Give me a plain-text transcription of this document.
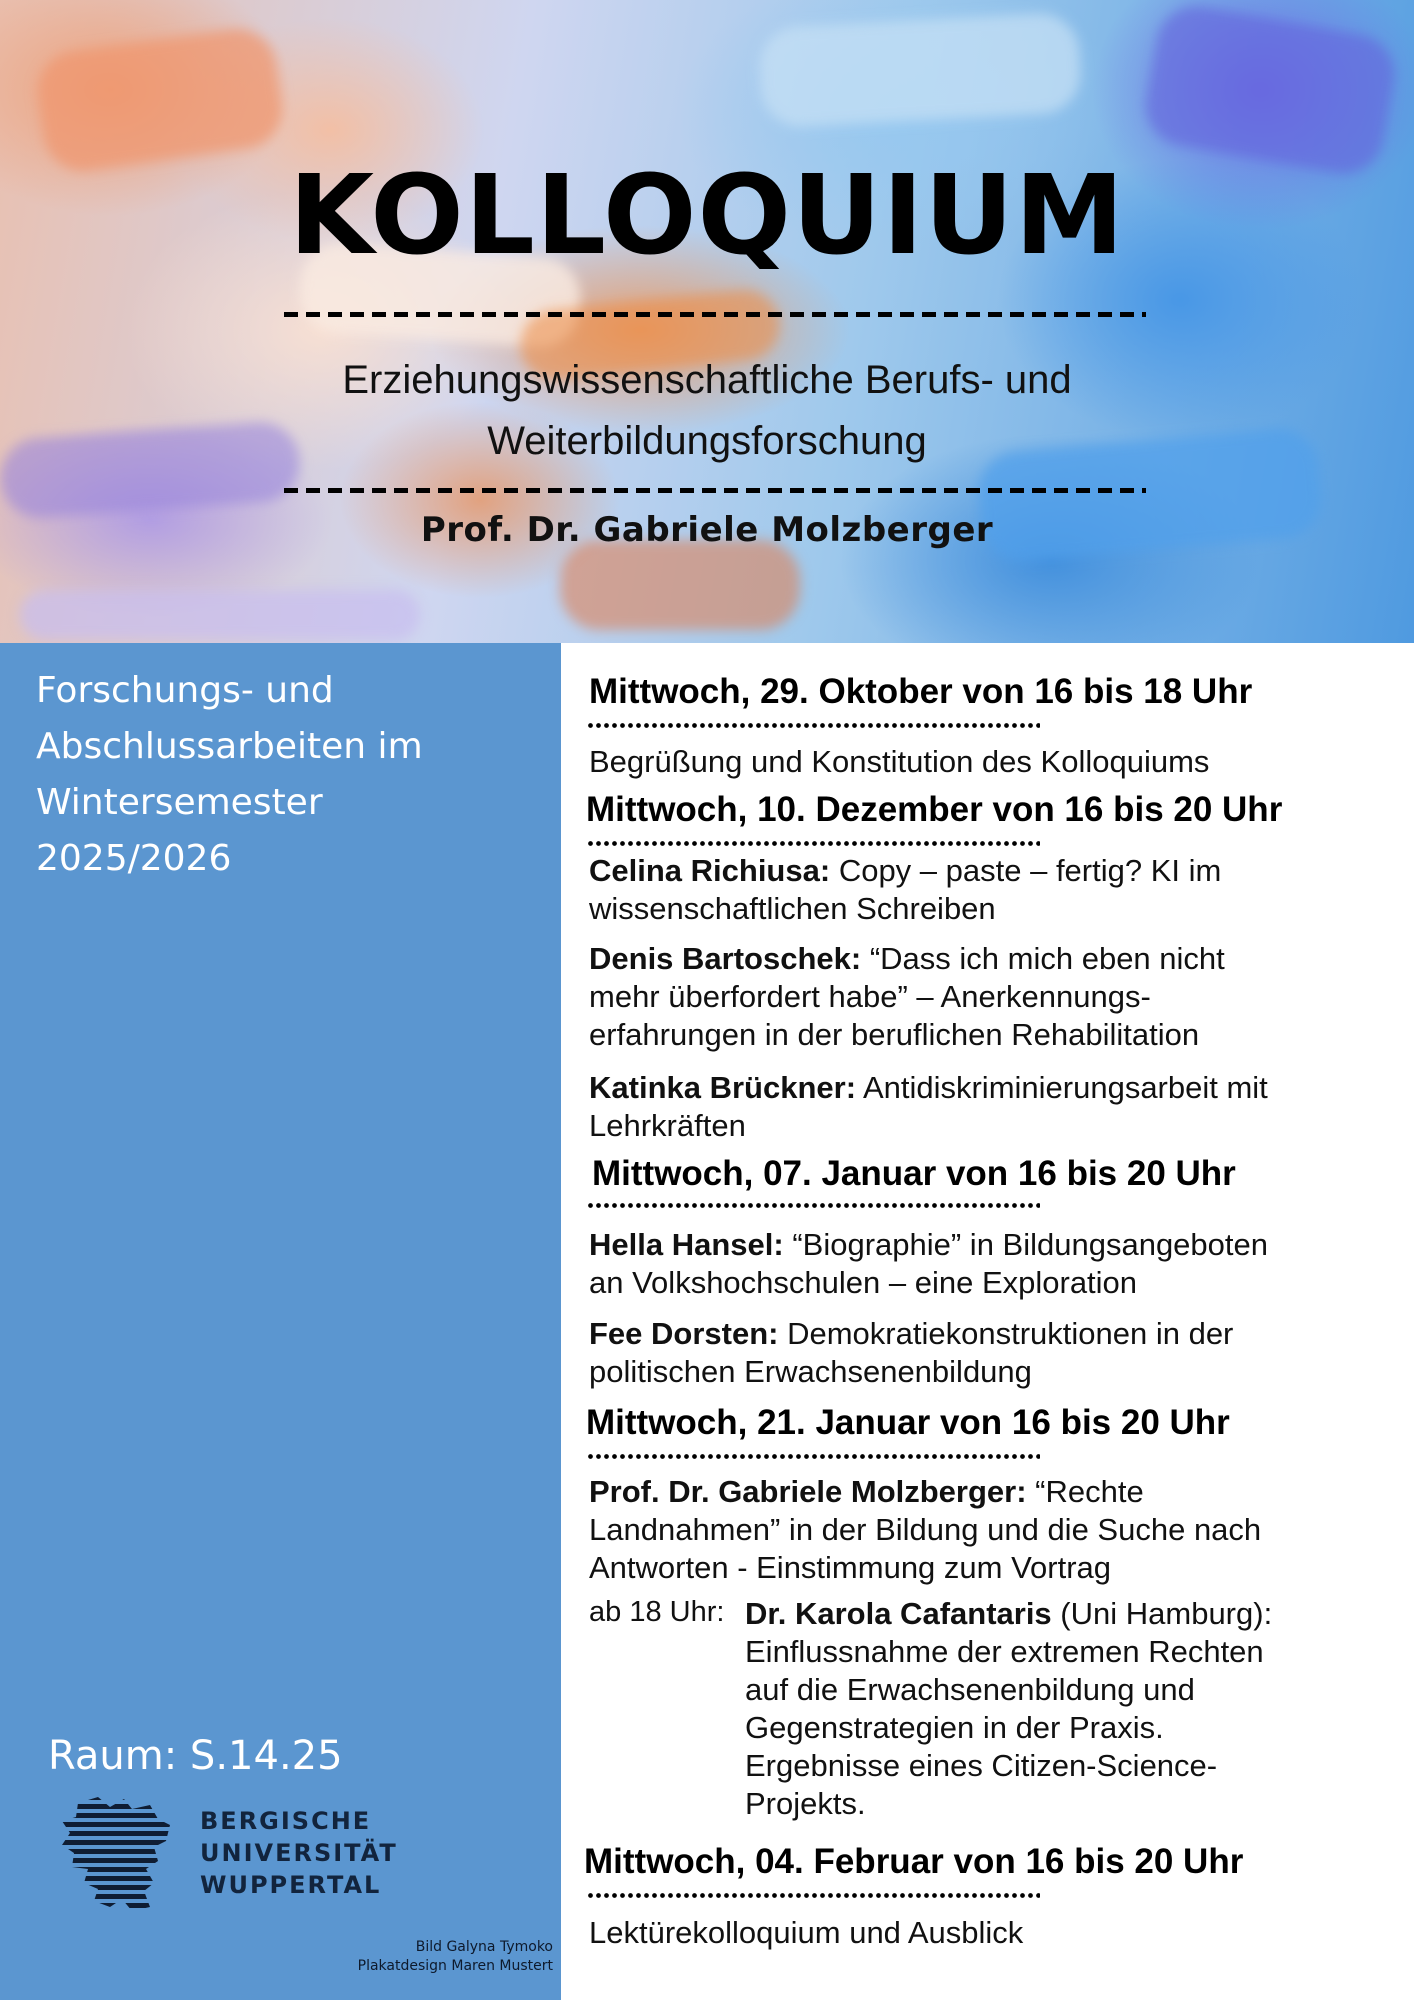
KOLLOQUIUM
Erziehungswissenschaftliche Berufs- und
Weiterbildungsforschung
Prof. Dr. Gabriele Molzberger
Forschungs- und
Abschlussarbeiten im
Wintersemester
2025/2026
Raum: S.14.25
BERGISCHE
UNIVERSITÄT
WUPPERTAL
Bild Galyna Tymoko
Plakatdesign Maren Mustert
Mittwoch, 29. Oktober von 16 bis 18 Uhr
Begrüßung und Konstitution des Kolloquiums
Mittwoch, 10. Dezember von 16 bis 20 Uhr
Celina Richiusa: Copy – paste – fertig? KI im
wissenschaftlichen Schreiben
Denis Bartoschek: “Dass ich mich eben nicht
mehr überfordert habe” – Anerkennungs-
erfahrungen in der beruflichen Rehabilitation
Katinka Brückner: Antidiskriminierungsarbeit mit
Lehrkräften
Mittwoch, 07. Januar von 16 bis 20 Uhr
Hella Hansel: “Biographie” in Bildungsangeboten
an Volkshochschulen – eine Exploration
Fee Dorsten: Demokratiekonstruktionen in der
politischen Erwachsenenbildung
Mittwoch, 21. Januar von 16 bis 20 Uhr
Prof. Dr. Gabriele Molzberger: “Rechte
Landnahmen” in der Bildung und die Suche nach
Antworten - Einstimmung zum Vortrag
ab 18 Uhr: Dr. Karola Cafantaris (Uni Hamburg):
Einflussnahme der extremen Rechten
auf die Erwachsenenbildung und
Gegenstrategien in der Praxis.
Ergebnisse eines Citizen-Science-
Projekts.
Mittwoch, 04. Februar von 16 bis 20 Uhr
Lektürekolloquium und Ausblick
